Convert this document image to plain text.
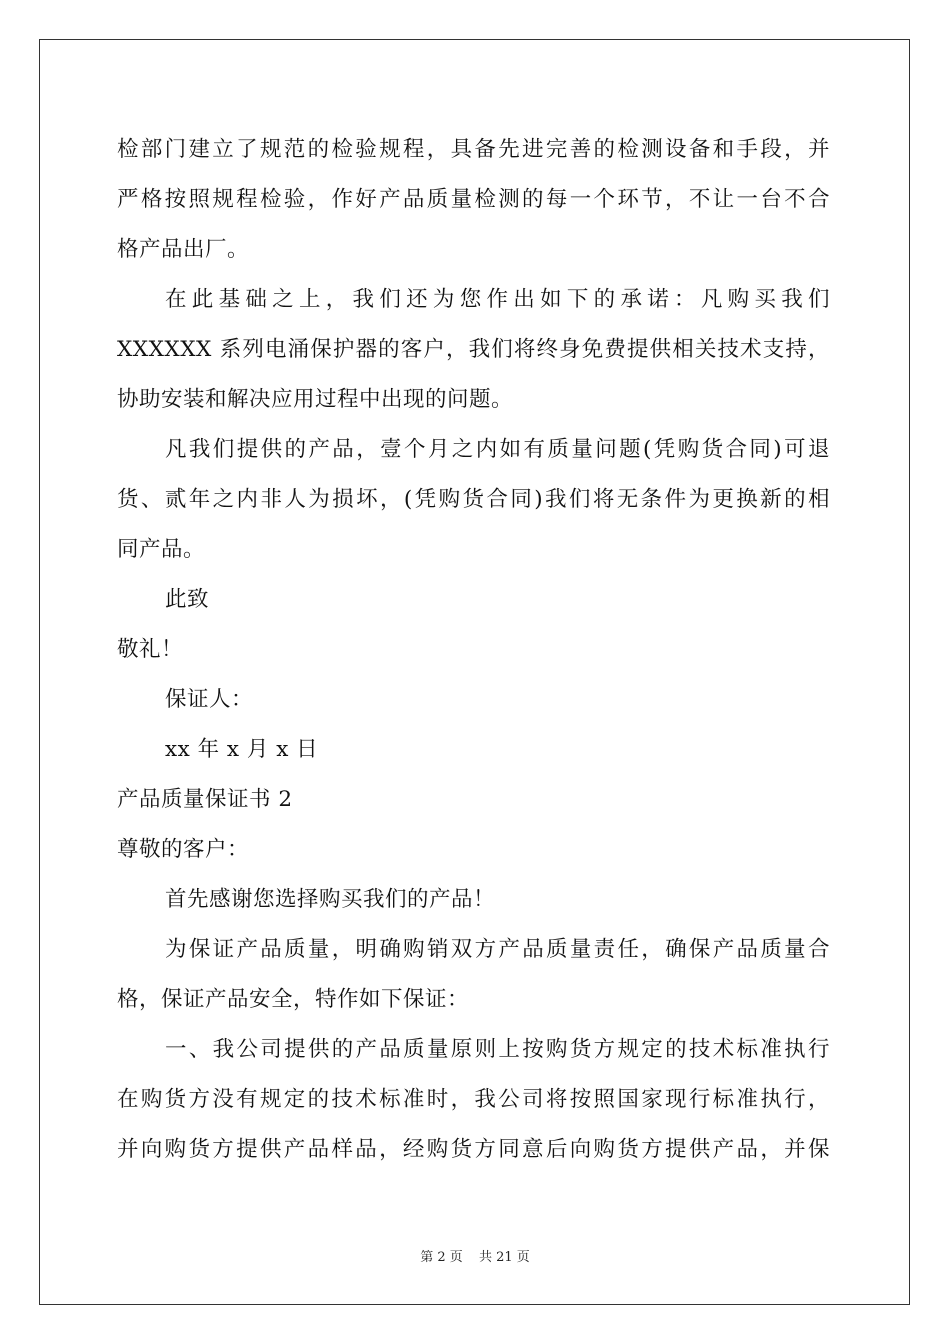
检部门建立了规范的检验规程，具备先进完善的检测设备和手段，并
严格按照规程检验，作好产品质量检测的每一个环节，不让一台不合
格产品出厂。
在此基础之上，我们还为您作出如下的承诺：凡购买我们
XXXXXX 系列电涌保护器的客户，我们将终身免费提供相关技术支持，
协助安装和解决应用过程中出现的问题。
凡我们提供的产品，壹个月之内如有质量问题(凭购货合同)可退
货、贰年之内非人为损坏，(凭购货合同)我们将无条件为更换新的相
同产品。
此致
敬礼！
保证人：
xx 年 x 月 x 日
产品质量保证书 2
尊敬的客户：
首先感谢您选择购买我们的产品！
为保证产品质量，明确购销双方产品质量责任，确保产品质量合
格，保证产品安全，特作如下保证：
一、我公司提供的产品质量原则上按购货方规定的技术标准执行
在购货方没有规定的技术标准时，我公司将按照国家现行标准执行，
并向购货方提供产品样品，经购货方同意后向购货方提供产品，并保
第 2 页 共 21 页
